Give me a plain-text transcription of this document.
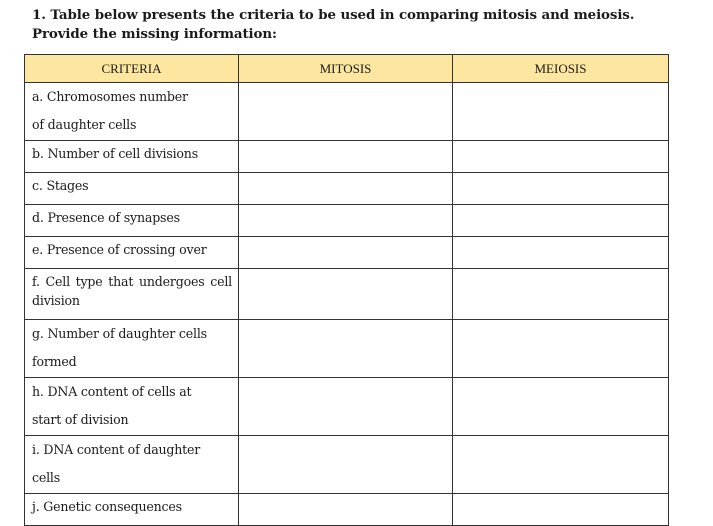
1. Table below presents the criteria to be used in comparing mitosis and meiosis. Provide the missing information:
CRITERIA	MITOSIS	MEIOSIS

a. Chromosomes number
of daughter cells		

b. Number of cell divisions		
c. Stages		
d. Presence of synapses		
e. Presence of crossing over		
f. Cell type that undergoes cell division		

g. Number of daughter cells
formed		

h. DNA content of cells at
start of division		

i. DNA content of daughter
cells		

j. Genetic consequences		
